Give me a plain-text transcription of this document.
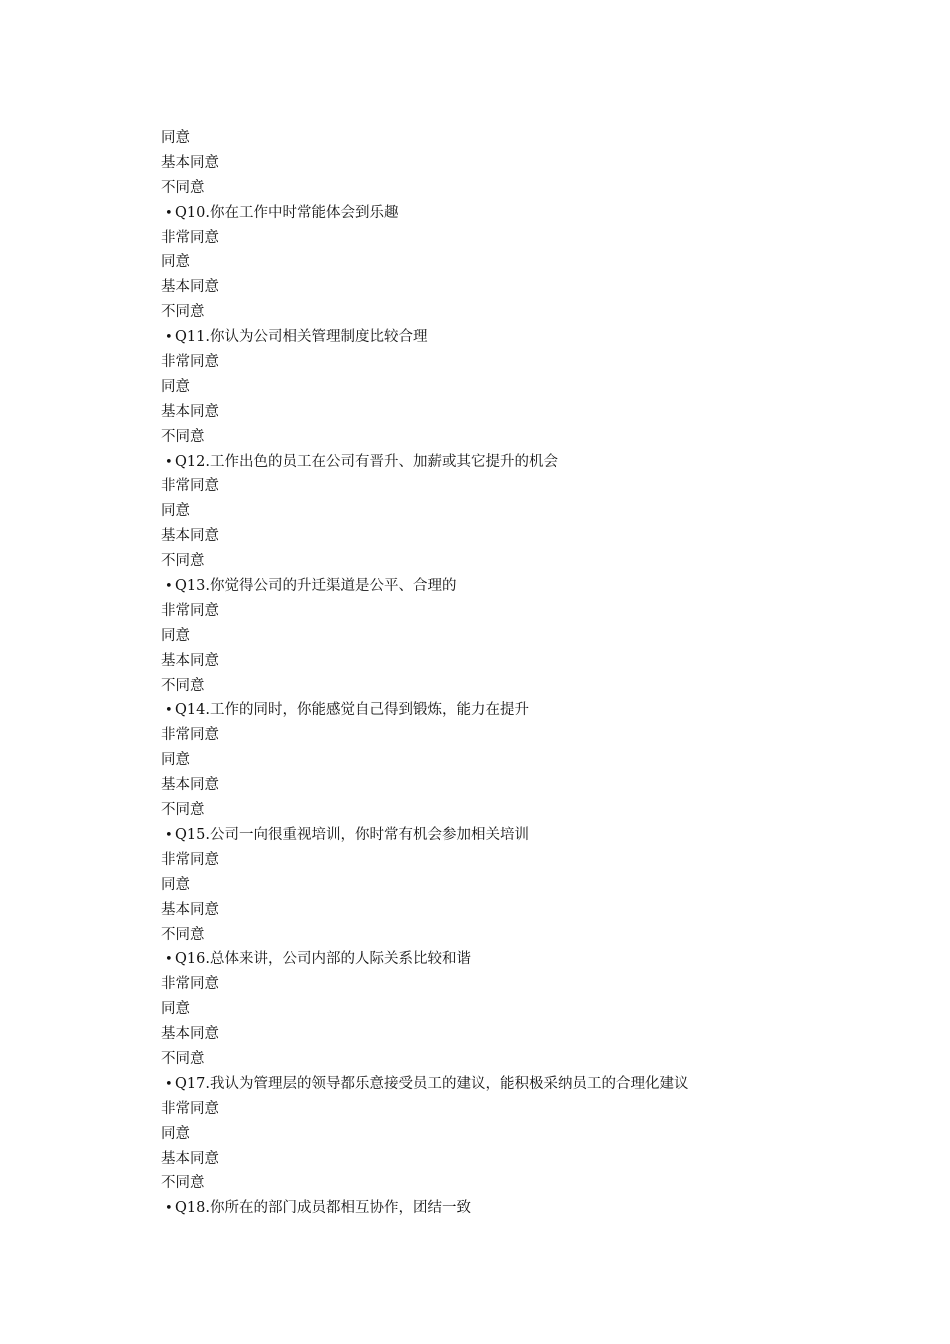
同意
基本同意
不同意
• Q10.你在工作中时常能体会到乐趣
非常同意
同意
基本同意
不同意
• Q11.你认为公司相关管理制度比较合理
非常同意
同意
基本同意
不同意
• Q12.工作出色的员工在公司有晋升、加薪或其它提升的机会
非常同意
同意
基本同意
不同意
• Q13.你觉得公司的升迁渠道是公平、合理的
非常同意
同意
基本同意
不同意
• Q14.工作的同时，你能感觉自己得到锻炼，能力在提升
非常同意
同意
基本同意
不同意
• Q15.公司一向很重视培训，你时常有机会参加相关培训
非常同意
同意
基本同意
不同意
• Q16.总体来讲，公司内部的人际关系比较和谐
非常同意
同意
基本同意
不同意
• Q17.我认为管理层的领导都乐意接受员工的建议，能积极采纳员工的合理化建议
非常同意
同意
基本同意
不同意
• Q18.你所在的部门成员都相互协作，团结一致
